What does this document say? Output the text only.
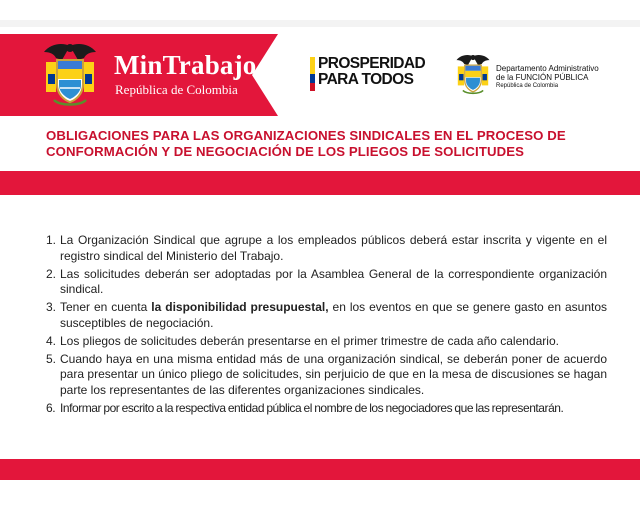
MinTrabajo
República de Colombia
PROSPERIDAD
PARA TODOS
Departamento Administrativo
de la FUNCIÓN PÚBLICA
República de Colombia
OBLIGACIONES PARA LAS ORGANIZACIONES SINDICALES EN EL PROCESO DE
CONFORMACIÓN Y DE NEGOCIACIÓN DE LOS PLIEGOS DE SOLICITUDES
1. La Organización Sindical que agrupe a los empleados públicos deberá estar inscrita y vigente en el registro sindical del Ministerio del Trabajo.
2. Las solicitudes deberán ser adoptadas por la Asamblea General de la correspondiente organización sindical.
3. Tener en cuenta la disponibilidad presupuestal, en los eventos en que se genere gasto en asuntos susceptibles de negociación.
4. Los pliegos de solicitudes deberán presentarse en el primer trimestre de cada año calendario.
5. Cuando haya en una misma entidad más de una organización sindical, se deberán poner de acuerdo para presentar un único pliego de solicitudes, sin perjuicio de que en la mesa de discusiones se hagan parte los representantes de las diferentes organizaciones sindicales.
6. Informar por escrito a la respectiva entidad pública el nombre de los negociadores que las representarán.
